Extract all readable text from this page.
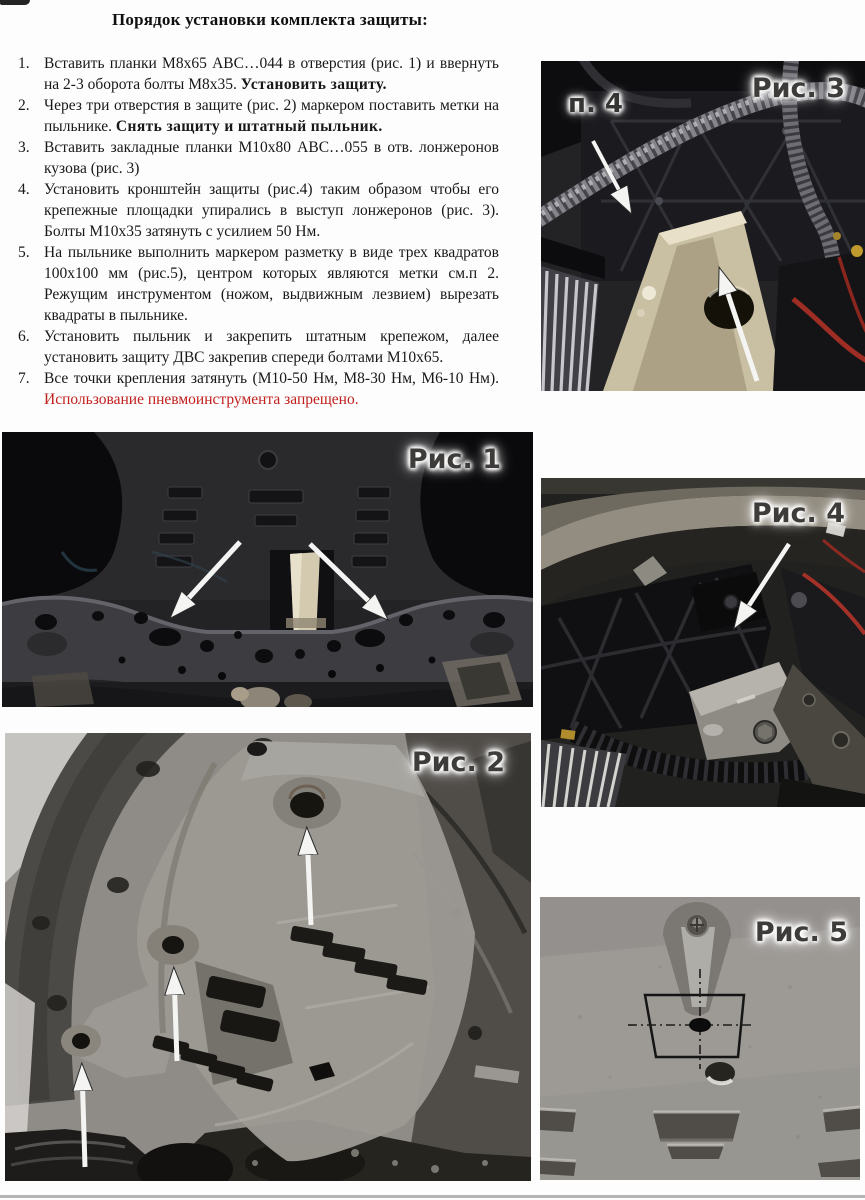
Порядок установки комплекта защиты:
1. Вставить планки М8х65 АВС…044 в отверстия (рис. 1) и ввернуть на 2-3 оборота болты М8х35. Установить защиту.
2. Через три отверстия в защите (рис. 2) маркером поставить метки на пыльнике. Снять защиту и штатный пыльник.
3. Вставить закладные планки М10х80 АВС…055 в отв. лонжеронов кузова (рис. 3)
4. Установить кронштейн защиты (рис.4) таким образом чтобы его крепежные площадки упирались в выступ лонжеронов (рис. 3). Болты М10х35 затянуть с усилием 50 Нм.
5. На пыльнике выполнить маркером разметку в виде трех квадратов 100х100 мм (рис.5), центром которых являются метки см.п 2. Режущим инструментом (ножом, выдвижным лезвием) вырезать квадраты в пыльнике.
6. Установить пыльник и закрепить штатным крепежом, далее установить защиту ДВС закрепив спереди болтами М10х65.
7. Все точки крепления затянуть (М10-50 Нм, М8-30 Нм, М6-10 Нм). Использование пневмоинструмента запрещено.
п. 4	Рис. 3
Рис. 1
Рис. 4
Рис. 2
Рис. 5
